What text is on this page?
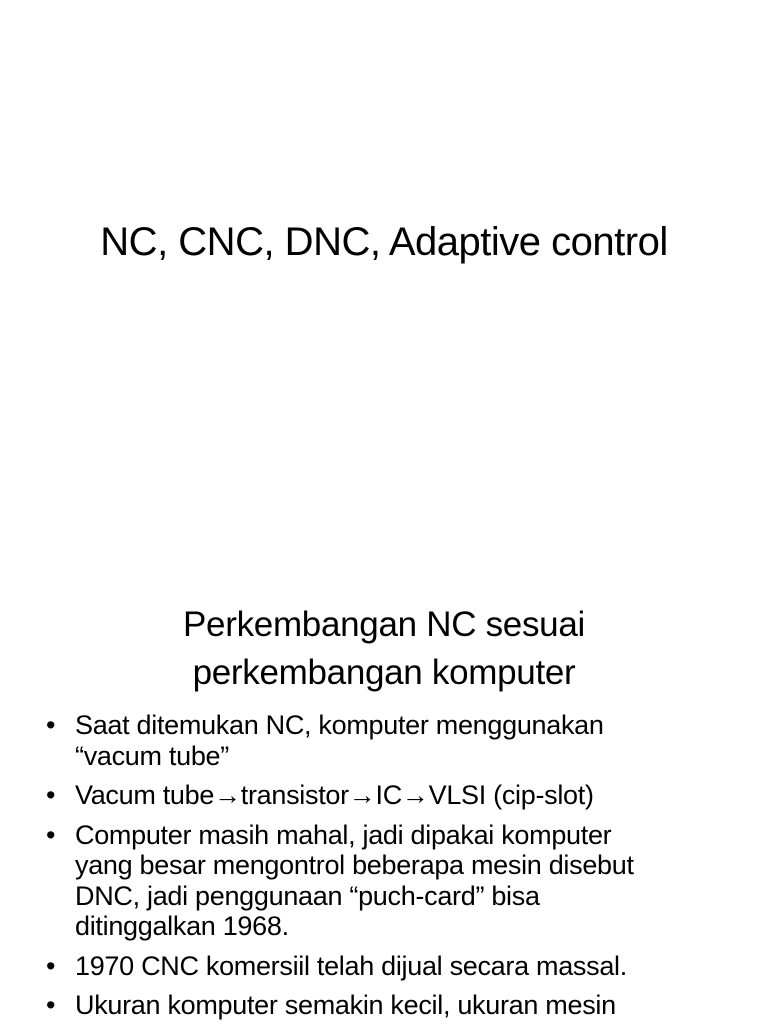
NC, CNC, DNC, Adaptive control
Perkembangan NC sesuai
perkembangan komputer
• Saat ditemukan NC, komputer menggunakan
“vacum tube”
• Vacum tube→transistor→IC→VLSI (cip-slot)
• Computer masih mahal, jadi dipakai komputer
yang besar mengontrol beberapa mesin disebut
DNC, jadi penggunaan “puch-card” bisa
ditinggalkan 1968.
• 1970 CNC komersiil telah dijual secara massal.
• Ukuran komputer semakin kecil, ukuran mesin
